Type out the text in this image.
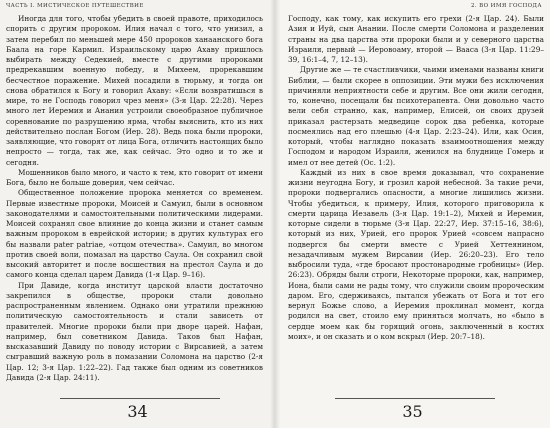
ЧАСТЬ I. МИСТИЧЕСКОЕ ПУТЕШЕСТВИЕ

Иногда для того, чтобы убедить в своей правоте, приходилось спорить с другим пророком. Илия начал с того, что унизил, а затем перебил по меньшей мере 450 пророков ханаанского бога Баала на горе Кармил. Израильскому царю Ахаву пришлось выбирать между Седекией, вместе с другими пророками предрекавшим военную победу, и Михеем, прорекавшим бесчестное поражение. Михей посадили в тюрьму, и тогда он снова обратился к Богу и говорил Ахаву: «Если возвратишься в мире, то не Господь говорил чрез меня» (3-я Цар. 22:28). Через много лет Иеремия и Анания устроили своеобразное публичное соревнование по разрушению ярма, чтобы выяснить, кто из них действительно послан Богом (Иер. 28). Ведь пока были пророки, заявляющие, что говорят от лица Бога, отличить настоящих было непросто — тогда, так же, как сейчас. Это одно и то же и сегодня.

Мошенников было много, и часто к тем, кто говорит от имени Бога, было не больше доверия, чем сейчас.

Общественное положение пророка меняется со временем. Первые известные пророки, Моисей и Самуил, были в основном законодателями и самостоятельными политическими лидерами. Моисей сохранял свое влияние до конца жизни и станет самым важным пророком в еврейской истории; в других культурах его бы назвали pater patriae, «отцом отечества». Самуил, во многом против своей воли, помазал на царство Саула. Он сохранил свой высокий авторитет и после восшествия на престол Саула и до самого конца сделал царем Давида (1-я Цар. 9–16).

При Давиде, когда институт царской власти достаточно закрепился в обществе, пророки стали довольно распространенным явлением. Однако они утратили прежнюю политическую самостоятельность и стали зависеть от правителей. Многие пророки были при дворе царей. Нафан, например, был советником Давида. Таков был Нафан, высказавший Давиду по поводу истории с Вирсавией, а затем сыгравший важную роль в помазании Соломона на царство (2-я Цар. 12; 3-я Цар. 1:22–22). Гад также был одним из советников Давида (2-я Цар. 24:11).

34
2. ВО ИМЯ ГОСПОДА

Господу, как тому, как искупить его грехи (2-я Цар. 24). Были Азия и Иуй, сын Анании. После смерти Соломона и разделения страны на два царства эти пророки были и у северного царства Израиля, первый — Иеровоаму, второй — Вааса (3-я Цар. 11:29–39, 16:1–4, 7, 12–13).

Другие же — те счастливчики, чьими именами названы книги Библии, — были скорее в оппозиции. Эти мужи без исключения причиняли неприятности себе и другим. Все они жили сегодня, то, конечно, посещали бы психотерапевта. Они довольно часто вели себя странно, как, например, Елисей, он своих друзей приказал растерзать медведице сорок два ребенка, которые посмеялись над его плешью (4-я Цар. 2:23–24). Или, как Осия, который, чтобы наглядно показать взаимоотношения между Господом и народом Израиля, женился на блуднице Гомерь и имел от нее детей (Ос. 1:2).

Каждый из них в свое время доказывал, что сохранение жизни неугодна Богу, и грозил карой небесной. За такие речи, пророки подвергались опасности, а многие лишились жизни. Чтобы убедиться, к примеру, Илия, которого приговорила к смерти царица Иезавель (3-я Цар. 19:1–2), Михей и Иеремия, которые сидели в тюрьме (3-я Цар. 22:27, Иер. 37:15–16, 38:6), который из них, Урией, его пророк Урией «совсем напрасно подвергся бы смерти вместе с Урией Хеттеянином, незадачливым мужем Вирсавии (Иер. 26:20–23). Его тело выбросили туда, «где бросают простонародные гробницы» (Иер. 26:23). Обряды были строги, Некоторые пророки, как, например, Иона, были сами не рады тому, что служили своим пророческим даром. Его, сдерживаясь, пытался убежать от Бога и тот его вернул Божье слово, а Иеремия проклинал момент, когда родился на свет, стоило ему приняться молчать, но «было в сердце моем как бы горящий огонь, заключенный в костях моих», и он сказать и о ком вскрыл (Иер. 20:7–18).

35
